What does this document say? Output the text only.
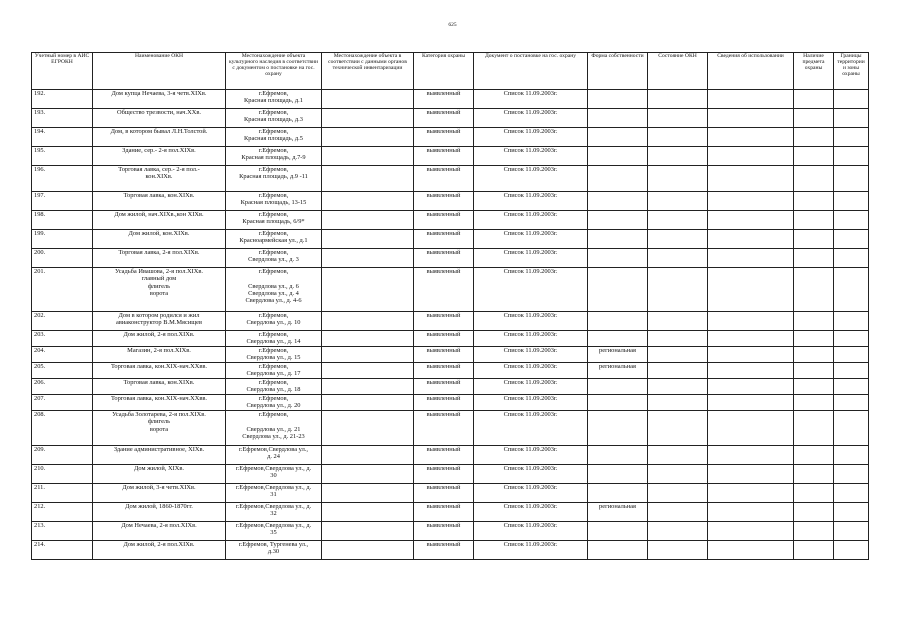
625
Учетный номер в АИС ЕГРОКН	Наименование ОКН	Местонахождение объекта культурного наследия в соответствии с документом о постановке на гос. охрану	Местонахождение объекта в соответствии с данными органов технической инвентаризации	Категория охраны	Документ о постановке на гос. охрану	Форма собственности	Состояние ОКН	Сведения об использовании	Наличие предмета охраны	Границы территории и зоны охраны
192.	Дом купца Нечаева, 3-я четв.XIXв.	г.Ефремов,
Красная площадь, д.1		выявленный	Список 11.09.2003г.					
193.	Общество трезвости, нач.XXв.	г.Ефремов,
Красная площадь, д.3		выявленный	Список 11.09.2003г.					
194.	Дом, в котором бывал Л.Н.Толстой.	г.Ефремов,
Красная площадь, д.5		выявленный	Список 11.09.2003г.					
195.	Здание, сер.- 2-я пол.XIXв.	г.Ефремов,
Красная площадь, д.7-9		выявленный	Список 11.09.2003г.					
196.	Торговая лавка, сер.- 2-я пол.-
кон.XIXв.	г.Ефремов,
Красная площадь, д.9 -11		выявленный	Список 11.09.2003г.					
197.	Торговая лавка, кон.XIXв.	г.Ефремов,
Красная площадь, 13-15		выявленный	Список 11.09.2003г.					
198.	Дом жилой, нач.XIXв.,кон XIXв.	г.Ефремов,
Красная площадь, 6/9*		выявленный	Список 11.09.2003г.					
199.	Дом жилой, кон.XIXв.	г.Ефремов,
Красноармейская ул., д.1		выявленный	Список 11.09.2003г.					
200.	Торговая лавка, 2-я пол.XIXв.	г.Ефремов,
Свердлова ул., д. 3		выявленный	Список 11.09.2003г.					
201.	Усадьба Ивашова, 2-я пол.XIXв.
главный дом
флигель
ворота	г.Ефремов,

Свердлова ул., д. 6
Свердлова ул., д. 4
Свердлова ул., д. 4-6		выявленный	Список 11.09.2003г.					
202.	Дом в котором родился и жил
авиаконструктор В.М.Мясищев	г.Ефремов,
Свердлова ул., д. 10		выявленный	Список 11.09.2003г.					
203.	Дом жилой, 2-я пол.XIXв.	г.Ефремов,
Свердлова ул., д. 14		выявленный	Список 11.09.2003г.					
204.	Магазин, 2-я пол.XIXв.	г.Ефремов,
Свердлова ул., д. 15		выявленный	Список 11.09.2003г.	региональная				
205.	Торговая лавка, кон.XIX-нач.XXвв.	г.Ефремов,
Свердлова ул., д. 17		выявленный	Список 11.09.2003г.	региональная				
206.	Торговая лавка, кон.XIXв.	г.Ефремов,
Свердлова ул., д. 18		выявленный	Список 11.09.2003г.					
207.	Торговая лавка, кон.XIX-нач.XXвв.	г.Ефремов,
Свердлова ул., д. 20		выявленный	Список 11.09.2003г.					
208.	Усадьба Золотарева, 2-я пол.XIXв.
флигель
ворота	г.Ефремов,

Свердлова ул., д. 21
Свердлова ул., д. 21-23		выявленный	Список 11.09.2003г.					
209.	Здание административное, XIXв.	г.Ефремов,Свердлова ул.,
д. 24		выявленный	Список 11.09.2003г.					
210.	Дом жилой, XIXв.	г.Ефремов,Свердлова ул., д.
30		выявленный	Список 11.09.2003г.					
211.	Дом жилой, 3-я четв.XIXв.	г.Ефремов,Свердлова ул., д.
31		выявленный	Список 11.09.2003г.					
212.	Дом жилой, 1860-1870гг.	г.Ефремов,Свердлова ул., д.
32		выявленный	Список 11.09.2003г.	региональная				
213.	Дом Нечаева, 2-я пол.XIXв.	г.Ефремов,Свердлова ул., д.
35		выявленный	Список 11.09.2003г.					
214.	Дом жилой, 2-я пол.XIXв.	г.Ефремов, Тургенева ул.,
д.30		выявленный	Список 11.09.2003г.					
